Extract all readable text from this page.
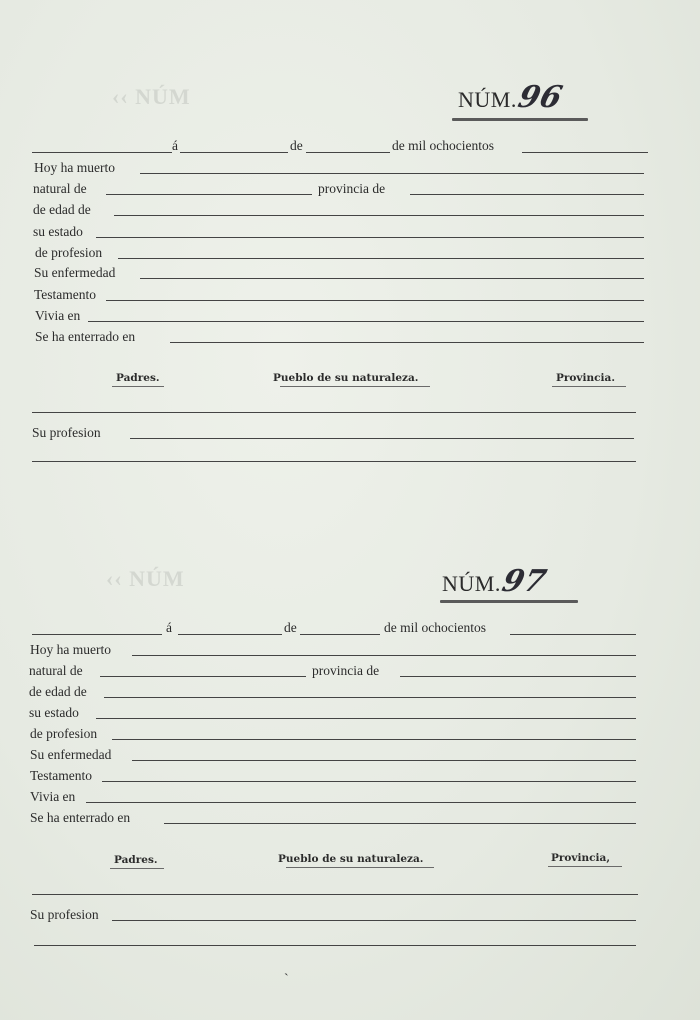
‹‹ NÚM	NÚM.96
á	de	de mil ochocientos
Hoy ha muerto
natural de	provincia de
de edad de
su estado
de profesion
Su enfermedad
Testamento
Vivia en
Se ha enterrado en
Padres.	Pueblo de su naturaleza.	Provincia.
Su profesion
‹‹ NÚM	NÚM.97
á	de	de mil ochocientos
Hoy ha muerto
natural de	provincia de
de edad de
su estado
de profesion
Su enfermedad
Testamento
Vivia en
Se ha enterrado en
Padres.	Pueblo de su naturaleza.	Provincia,
Su profesion
ˋ
